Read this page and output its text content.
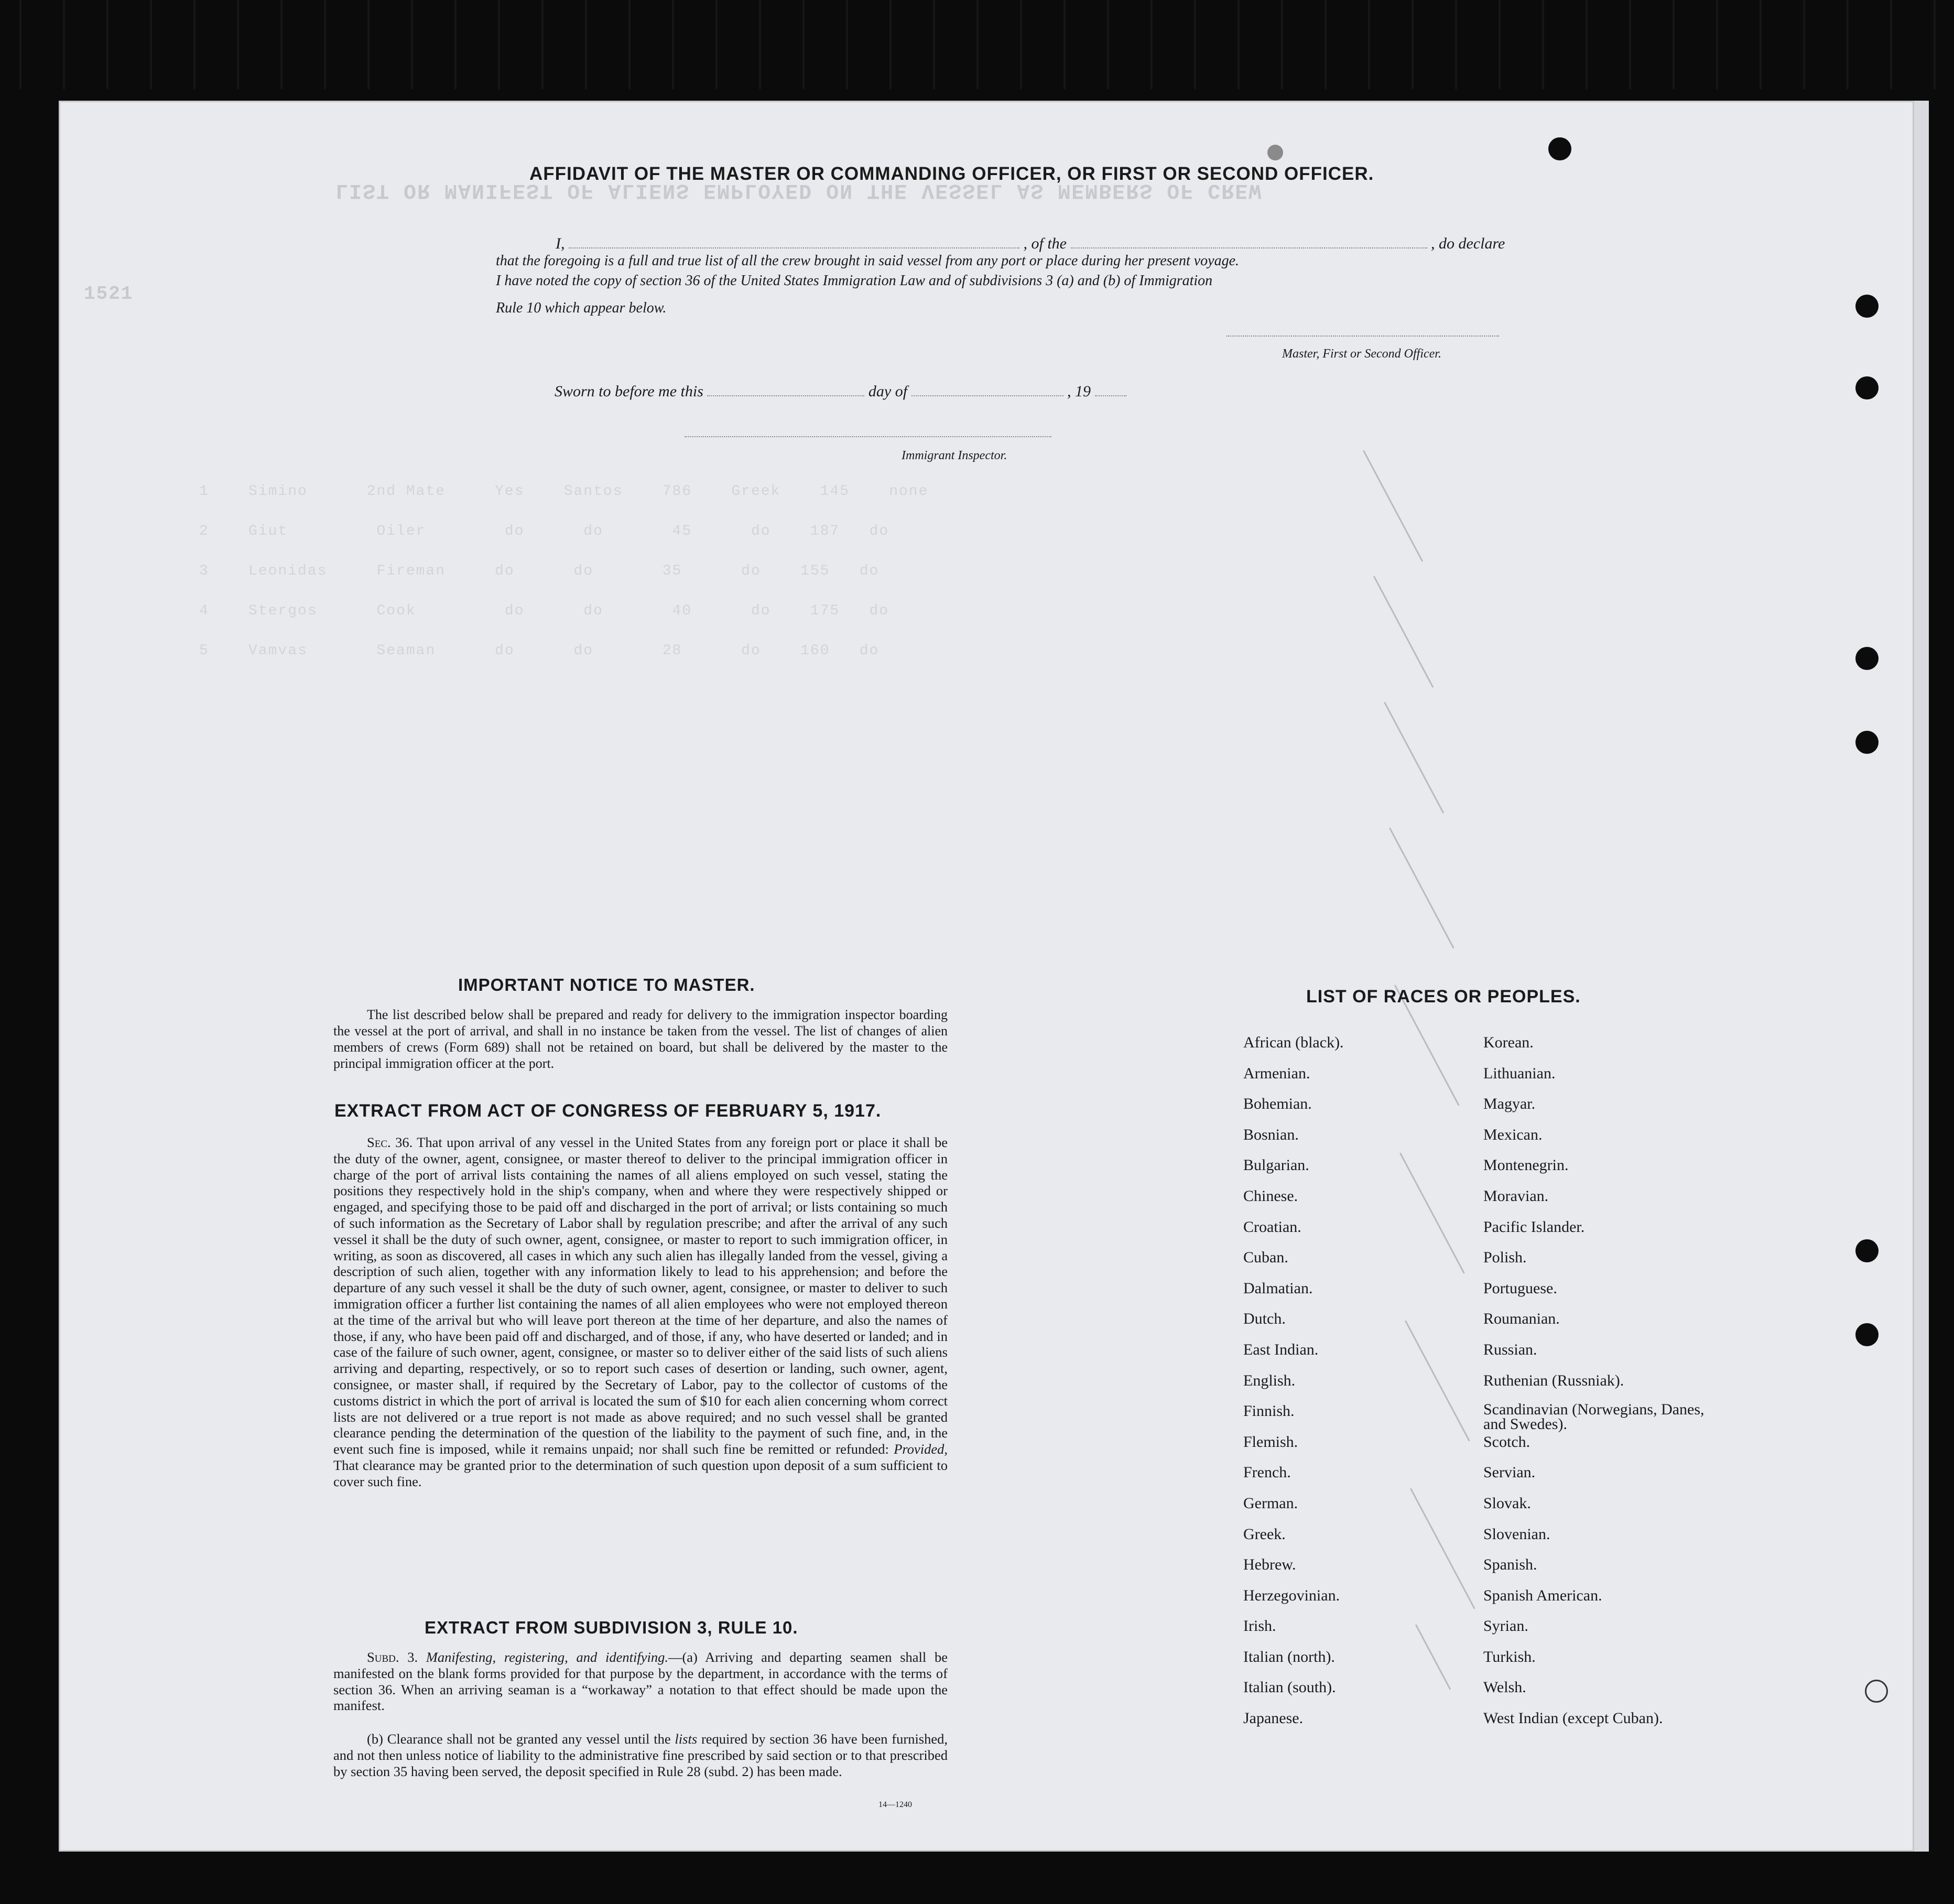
LIST OR MANIFEST OF ALIENS EMPLOYED ON THE VESSEL AS MEMBERS OF CREW
1    Simino      2nd Mate     Yes    Santos    786    Greek    145    none
2    Giut         Oiler        do      do       45      do    187   do
3    Leonidas     Fireman     do      do       35      do    155   do
4    Stergos      Cook         do      do       40      do    175   do
5    Vamvas       Seaman      do      do       28      do    160   do
1521
AFFIDAVIT OF THE MASTER OR COMMANDING OFFICER, OR FIRST OR SECOND OFFICER.
I,	, of the	, do declare
that the foregoing is a full and true list of all the crew brought in said vessel from any port or place during her present voyage.
I have noted the copy of section 36 of the United States Immigration Law and of subdivisions 3 (a) and (b) of Immigration
Rule 10 which appear below.
Master, First or Second Officer.
Sworn to before me this	day of	, 19
Immigrant Inspector.
IMPORTANT NOTICE TO MASTER.
The list described below shall be prepared and ready for delivery to the immigration inspector boarding the vessel at the port of arrival, and shall in no instance be taken from the vessel. The list of changes of alien members of crews (Form 689) shall not be retained on board, but shall be delivered by the master to the principal immigration officer at the port.
EXTRACT FROM ACT OF CONGRESS OF FEBRUARY 5, 1917.
Sec. 36. That upon arrival of any vessel in the United States from any foreign port or place it shall be the duty of the owner, agent, consignee, or master thereof to deliver to the principal immigration officer in charge of the port of arrival lists containing the names of all aliens employed on such vessel, stating the positions they respectively hold in the ship's company, when and where they were respectively shipped or engaged, and specifying those to be paid off and discharged in the port of arrival; or lists containing so much of such information as the Secretary of Labor shall by regulation prescribe; and after the arrival of any such vessel it shall be the duty of such owner, agent, consignee, or master to report to such immigration officer, in writing, as soon as discovered, all cases in which any such alien has illegally landed from the vessel, giving a description of such alien, together with any information likely to lead to his apprehension; and before the departure of any such vessel it shall be the duty of such owner, agent, consignee, or master to deliver to such immigration officer a further list containing the names of all alien employees who were not employed thereon at the time of the arrival but who will leave port thereon at the time of her departure, and also the names of those, if any, who have been paid off and discharged, and of those, if any, who have deserted or landed; and in case of the failure of such owner, agent, consignee, or master so to deliver either of the said lists of such aliens arriving and departing, respectively, or so to report such cases of desertion or landing, such owner, agent, consignee, or master shall, if required by the Secretary of Labor, pay to the collector of customs of the customs district in which the port of arrival is located the sum of $10 for each alien concerning whom correct lists are not delivered or a true report is not made as above required; and no such vessel shall be granted clearance pending the determination of the question of the liability to the payment of such fine, and, in the event such fine is imposed, while it remains unpaid; nor shall such fine be remitted or refunded: Provided, That clearance may be granted prior to the determination of such question upon deposit of a sum sufficient to cover such fine.
EXTRACT FROM SUBDIVISION 3, RULE 10.
Subd. 3. Manifesting, registering, and identifying.—(a) Arriving and departing seamen shall be manifested on the blank forms provided for that purpose by the department, in accordance with the terms of section 36. When an arriving seaman is a “workaway” a notation to that effect should be made upon the manifest.
(b) Clearance shall not be granted any vessel until the lists required by section 36 have been furnished, and not then unless notice of liability to the administrative fine prescribed by said section or to that prescribed by section 35 having been served, the deposit specified in Rule 28 (subd. 2) has been made.
14—1240
LIST OF RACES OR PEOPLES.
African (black).
Armenian.
Bohemian.
Bosnian.
Bulgarian.
Chinese.
Croatian.
Cuban.
Dalmatian.
Dutch.
East Indian.
English.
Finnish.
Flemish.
French.
German.
Greek.
Hebrew.
Herzegovinian.
Irish.
Italian (north).
Italian (south).
Japanese.
Korean.
Lithuanian.
Magyar.
Mexican.
Montenegrin.
Moravian.
Pacific Islander.
Polish.
Portuguese.
Roumanian.
Russian.
Ruthenian (Russniak).
Scandinavian (Norwegians, Danes, and Swedes).
Scotch.
Servian.
Slovak.
Slovenian.
Spanish.
Spanish American.
Syrian.
Turkish.
Welsh.
West Indian (except Cuban).
